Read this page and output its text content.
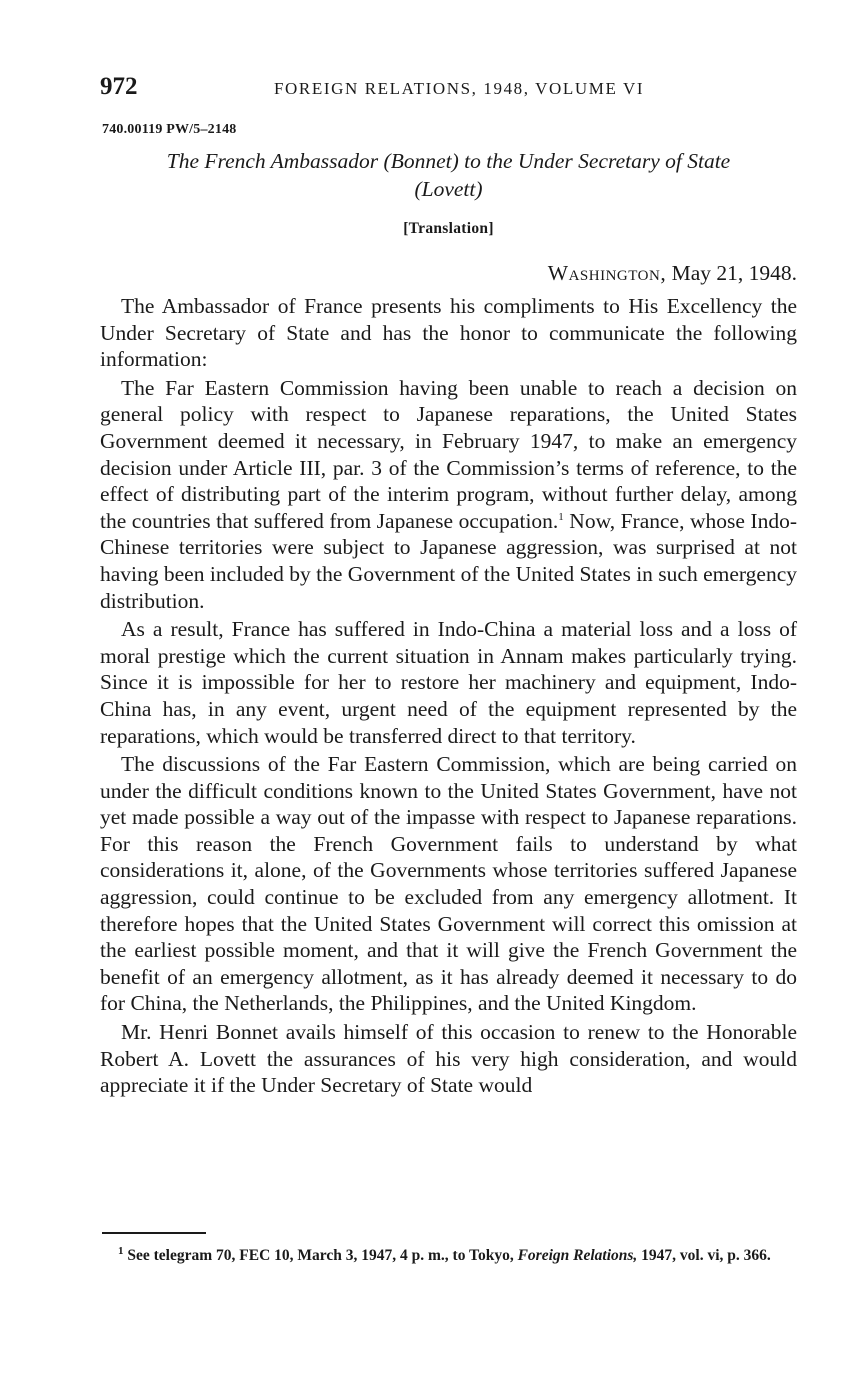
972	FOREIGN RELATIONS, 1948, VOLUME VI
740.00119 PW/5–2148
The French Ambassador (Bonnet) to the Under Secretary of State
(Lovett)
[Translation]
Washington, May 21, 1948.

The Ambassador of France presents his compliments to His Excellency the Under Secretary of State and has the honor to communicate the following information:

The Far Eastern Commission having been unable to reach a decision on general policy with respect to Japanese reparations, the United States Government deemed it necessary, in February 1947, to make an emergency decision under Article III, par. 3 of the Commission’s terms of reference, to the effect of distributing part of the interim program, without further delay, among the countries that suffered from Japanese occupation.$^1$ Now, France, whose Indo-Chinese territories were subject to Japanese aggression, was surprised at not having been included by the Government of the United States in such emergency distribution.

As a result, France has suffered in Indo-China a material loss and a loss of moral prestige which the current situation in Annam makes particularly trying. Since it is impossible for her to restore her machinery and equipment, Indo-China has, in any event, urgent need of the equipment represented by the reparations, which would be transferred direct to that territory.

The discussions of the Far Eastern Commission, which are being carried on under the difficult conditions known to the United States Government, have not yet made possible a way out of the impasse with respect to Japanese reparations. For this reason the French Government fails to understand by what considerations it, alone, of the Governments whose territories suffered Japanese aggression, could continue to be excluded from any emergency allotment. It therefore hopes that the United States Government will correct this omission at the earliest possible moment, and that it will give the French Government the benefit of an emergency allotment, as it has already deemed it necessary to do for China, the Netherlands, the Philippines, and the United Kingdom.

Mr. Henri Bonnet avails himself of this occasion to renew to the Honorable Robert A. Lovett the assurances of his very high consideration, and would appreciate it if the Under Secretary of State would

$^1$ See telegram 70, FEC 10, March 3, 1947, 4 p. m., to Tokyo, Foreign Relations, 1947, vol. vi, p. 366.
